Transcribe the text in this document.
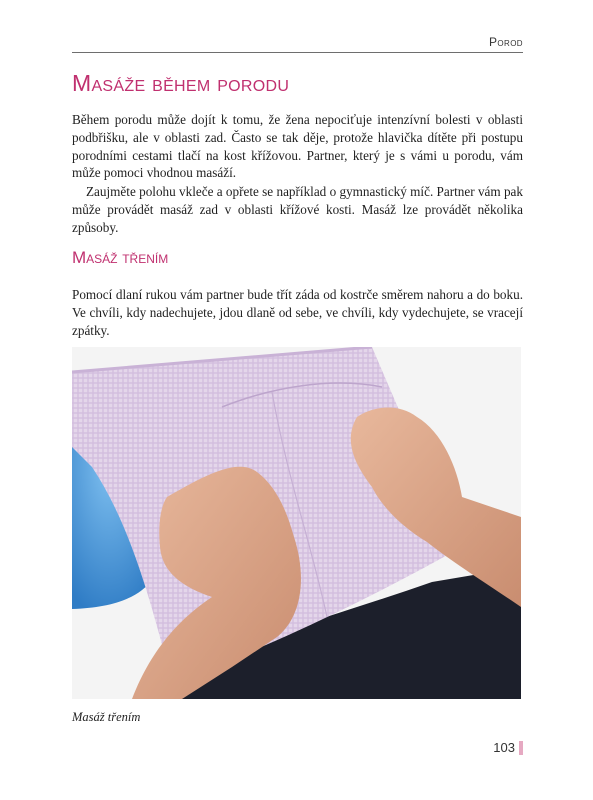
Porod
Masáže během porodu

Během porodu může dojít k tomu, že žena nepociťuje intenzívní bolesti v oblasti podbřišku, ale v oblasti zad. Často se tak děje, protože hlavička dítěte při postupu porodními cestami tlačí na kost křížovou. Partner, který je s vámi u porodu, vám může pomoci vhodnou masáží.

Zaujměte polohu vkleče a opřete se například o gymnastický míč. Partner vám pak může provádět masáž zad v oblasti křížové kosti. Masáž lze provádět několika způsoby.

Masáž třením

Pomocí dlaní rukou vám partner bude třít záda od kostrče směrem nahoru a do boku. Ve chvíli, kdy nadechujete, jdou dlaně od sebe, ve chvíli, kdy vydechujete, se vracejí zpátky.

Masáž třením
103
